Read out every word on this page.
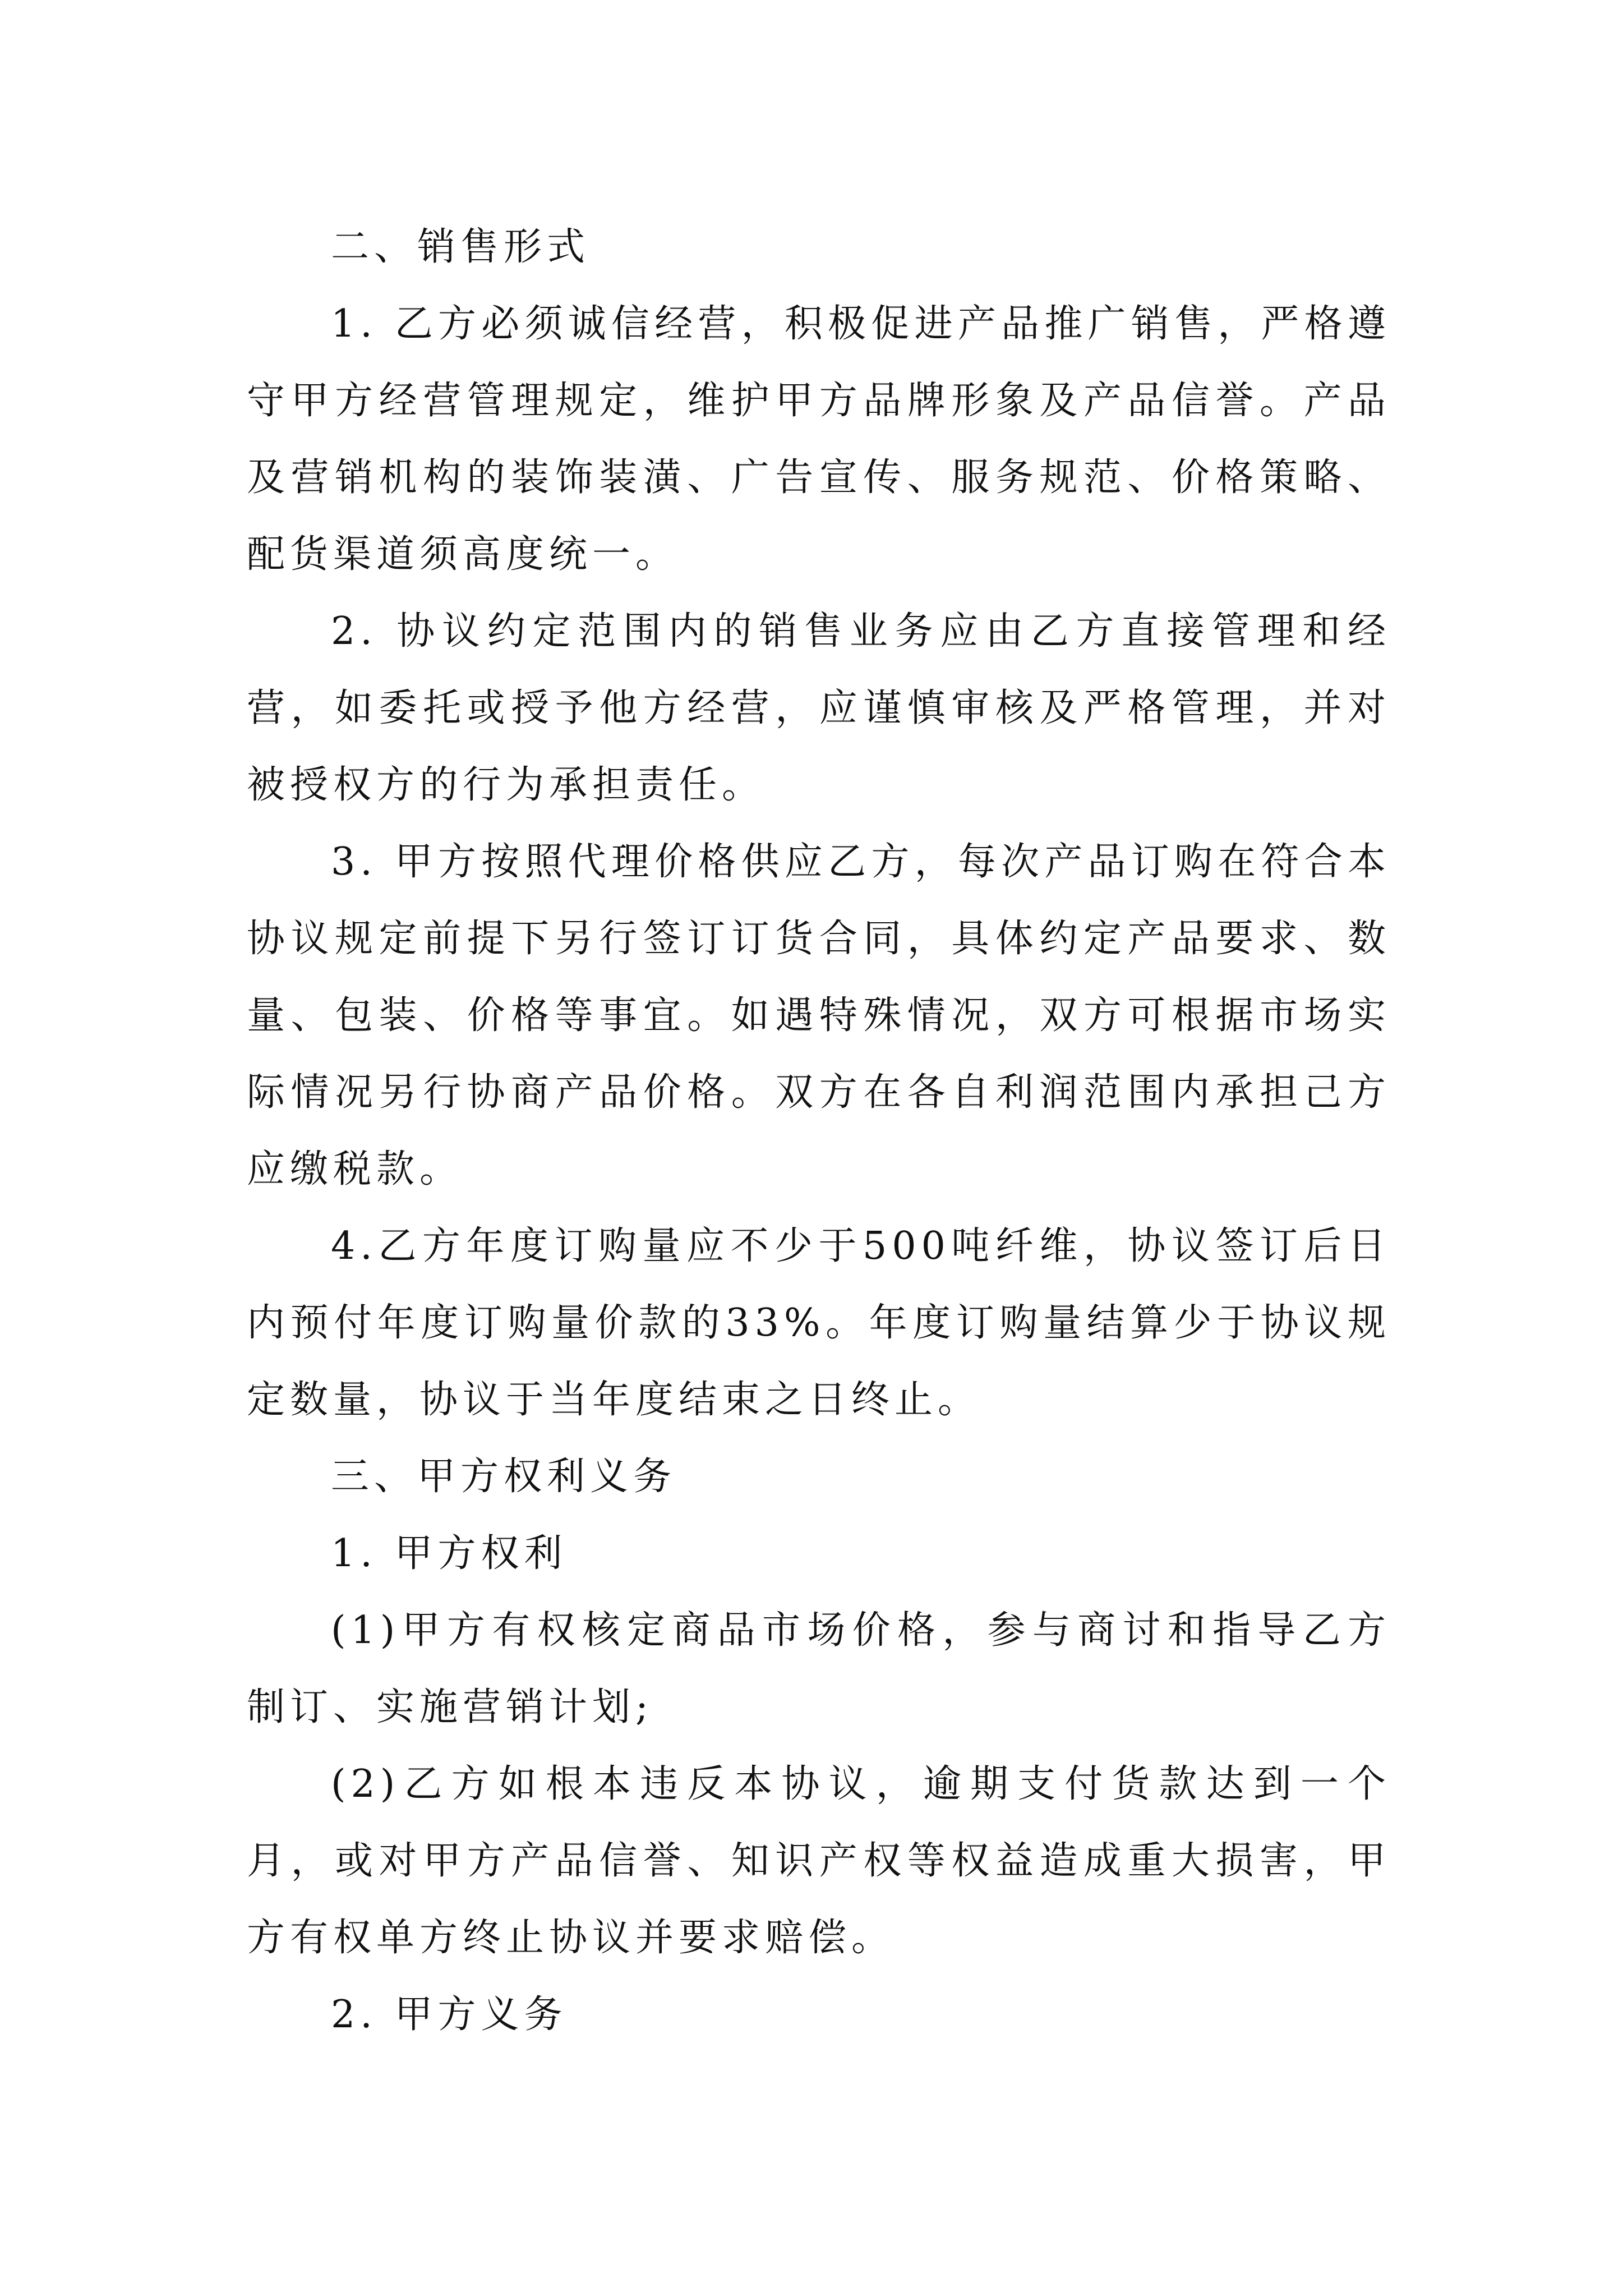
二、销售形式

1. 乙方必须诚信经营，积极促进产品推广销售，严格遵守甲方经营管理规定，维护甲方品牌形象及产品信誉。产品及营销机构的装饰装潢、广告宣传、服务规范、价格策略、配货渠道须高度统一。

2. 协议约定范围内的销售业务应由乙方直接管理和经营，如委托或授予他方经营，应谨慎审核及严格管理，并对被授权方的行为承担责任。

3. 甲方按照代理价格供应乙方，每次产品订购在符合本协议规定前提下另行签订订货合同，具体约定产品要求、数量、包装、价格等事宜。如遇特殊情况，双方可根据市场实际情况另行协商产品价格。双方在各自利润范围内承担己方应缴税款。

4.乙方年度订购量应不少于500吨纤维，协议签订后日内预付年度订购量价款的33%。年度订购量结算少于协议规定数量，协议于当年度结束之日终止。

三、甲方权利义务

1. 甲方权利

(1)甲方有权核定商品市场价格，参与商讨和指导乙方制订、实施营销计划;

(2)乙方如根本违反本协议，逾期支付货款达到一个月，或对甲方产品信誉、知识产权等权益造成重大损害，甲方有权单方终止协议并要求赔偿。

2. 甲方义务
